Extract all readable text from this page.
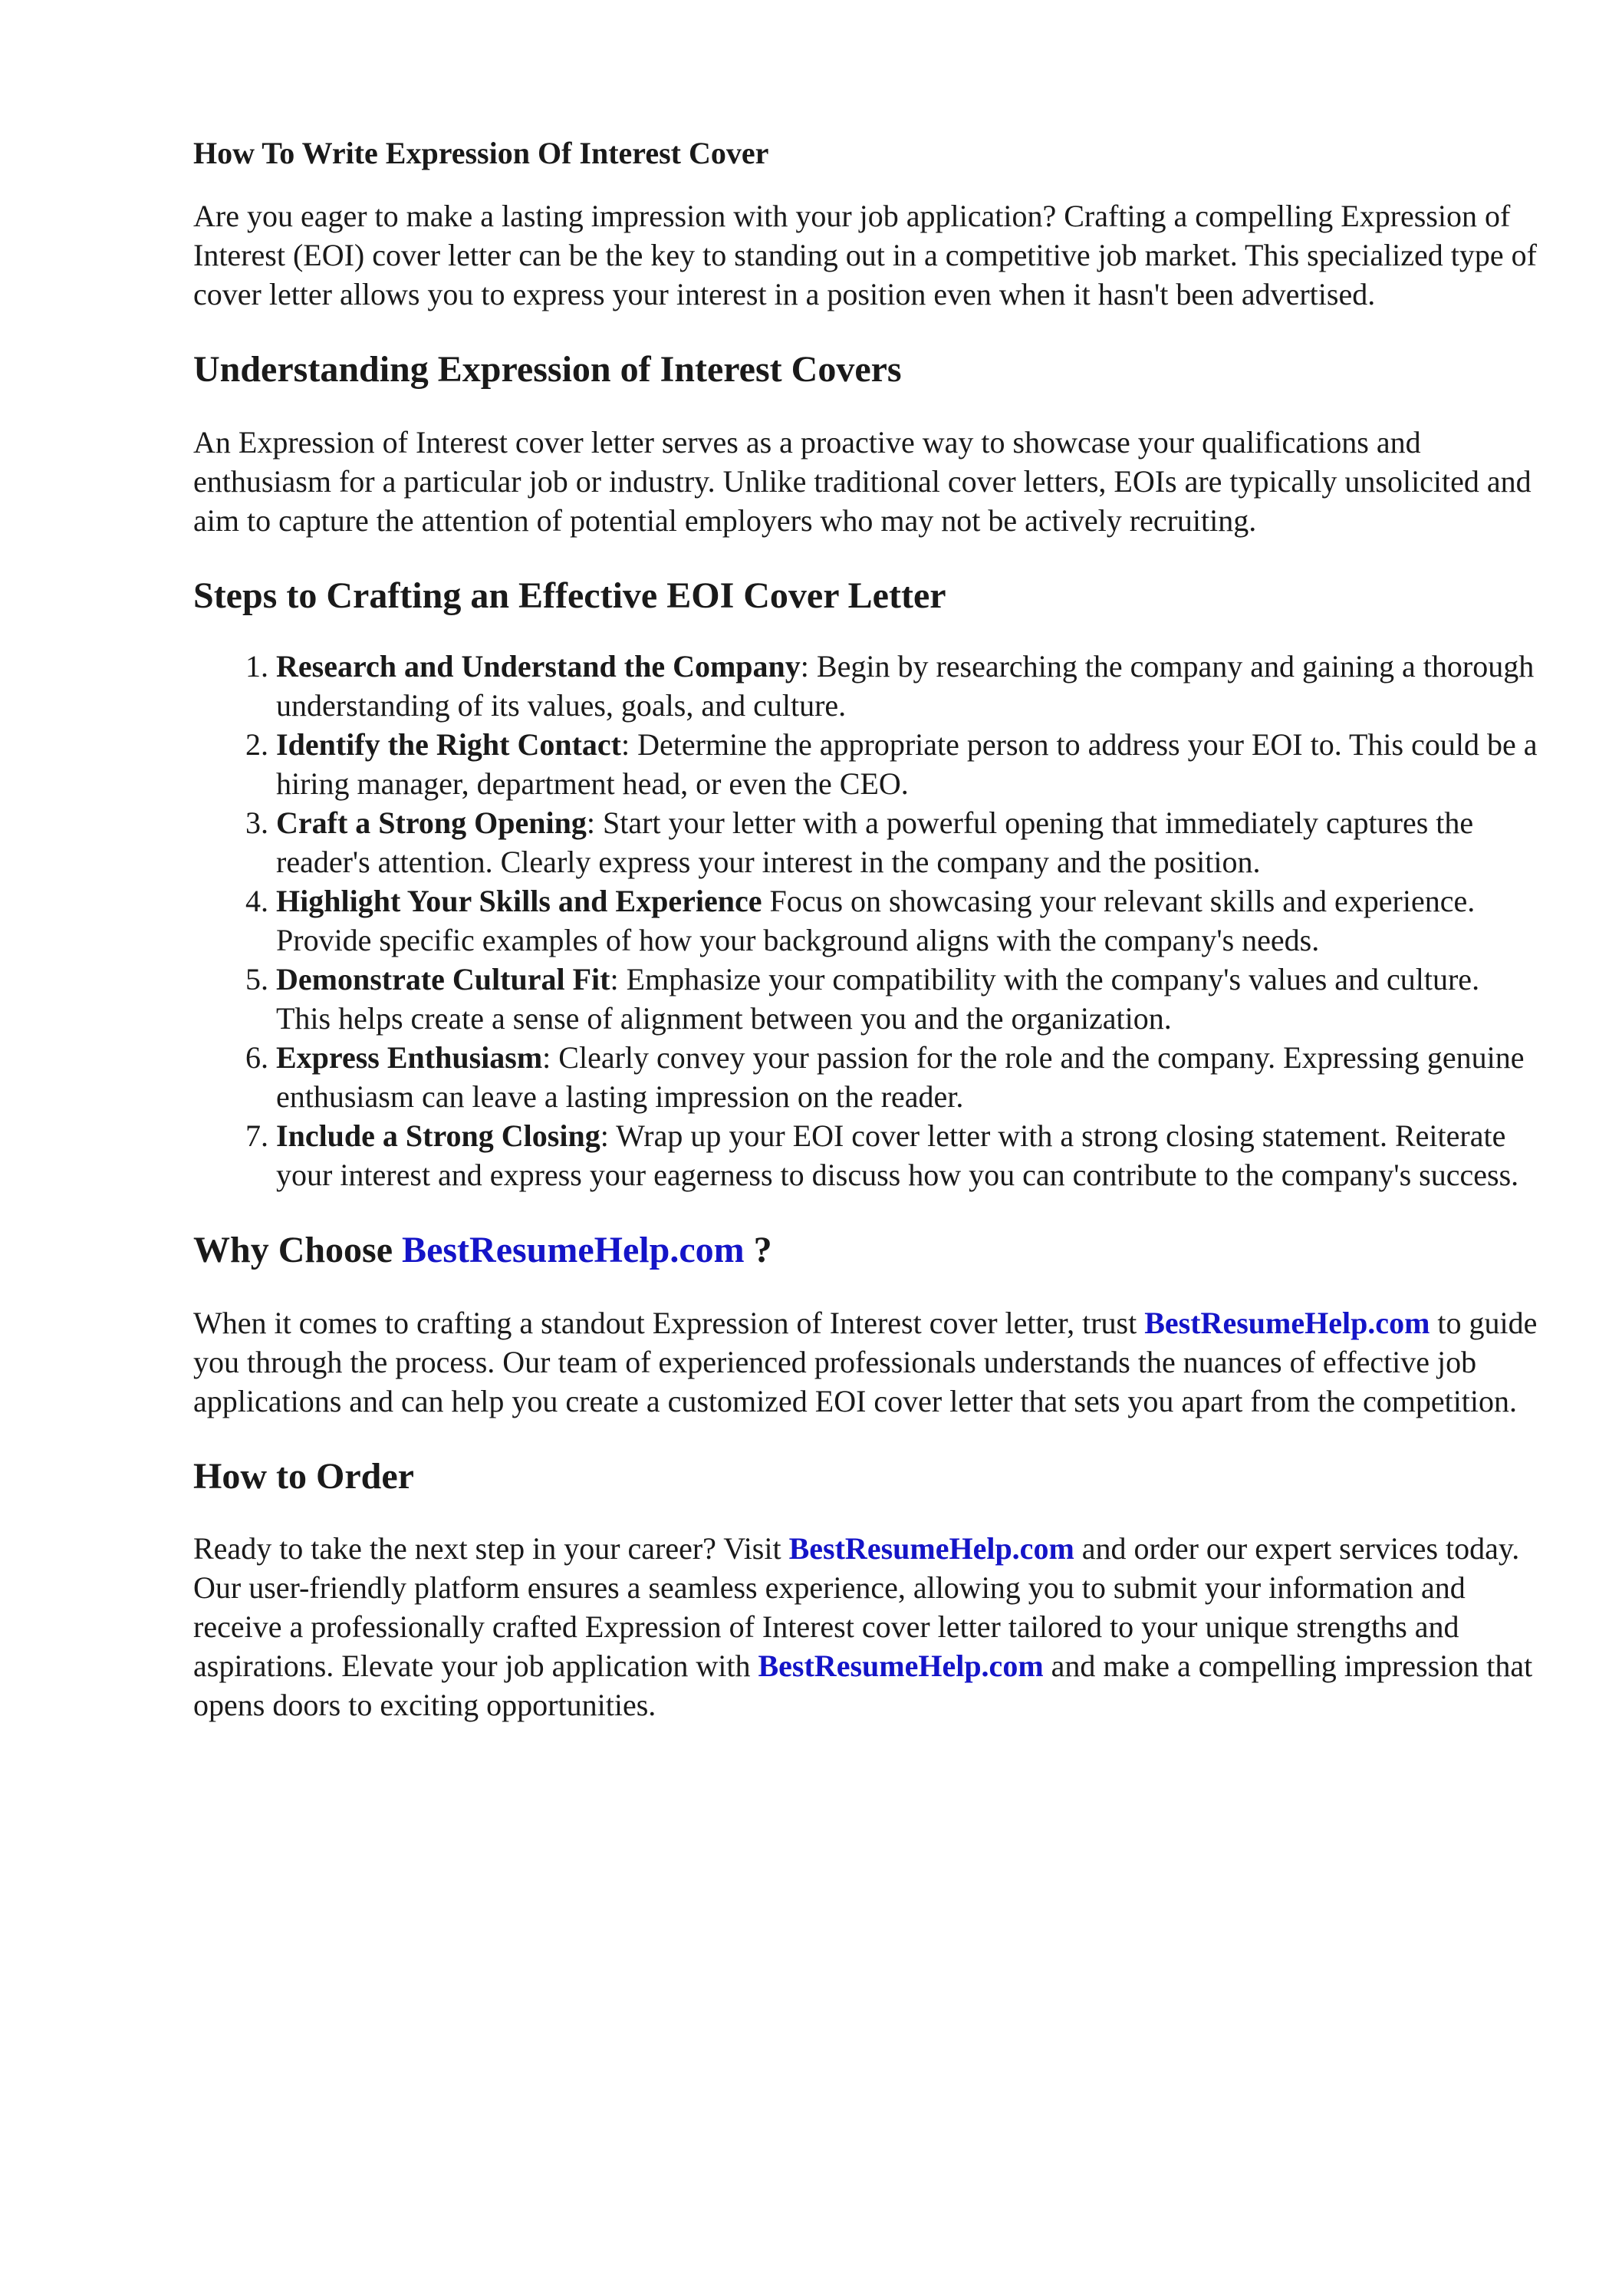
How To Write Expression Of Interest Cover

Are you eager to make a lasting impression with your job application? Crafting a compelling Expression of Interest (EOI) cover letter can be the key to standing out in a competitive job market. This specialized type of cover letter allows you to express your interest in a position even when it hasn't been advertised.

Understanding Expression of Interest Covers

An Expression of Interest cover letter serves as a proactive way to showcase your qualifications and enthusiasm for a particular job or industry. Unlike traditional cover letters, EOIs are typically unsolicited and aim to capture the attention of potential employers who may not be actively recruiting.

Steps to Crafting an Effective EOI Cover Letter
1. Research and Understand the Company: Begin by researching the company and gaining a thorough understanding of its values, goals, and culture.
2. Identify the Right Contact: Determine the appropriate person to address your EOI to. This could be a hiring manager, department head, or even the CEO.
3. Craft a Strong Opening: Start your letter with a powerful opening that immediately captures the reader's attention. Clearly express your interest in the company and the position.
4. Highlight Your Skills and Experience Focus on showcasing your relevant skills and experience. Provide specific examples of how your background aligns with the company's needs.
5. Demonstrate Cultural Fit: Emphasize your compatibility with the company's values and culture. This helps create a sense of alignment between you and the organization.
6. Express Enthusiasm: Clearly convey your passion for the role and the company. Expressing genuine enthusiasm can leave a lasting impression on the reader.
7. Include a Strong Closing: Wrap up your EOI cover letter with a strong closing statement. Reiterate your interest and express your eagerness to discuss how you can contribute to the company's success.
Why Choose BestResumeHelp.com ?

When it comes to crafting a standout Expression of Interest cover letter, trust BestResumeHelp.com to guide you through the process. Our team of experienced professionals understands the nuances of effective job applications and can help you create a customized EOI cover letter that sets you apart from the competition.

How to Order

Ready to take the next step in your career? Visit BestResumeHelp.com and order our expert services today. Our user-friendly platform ensures a seamless experience, allowing you to submit your information and receive a professionally crafted Expression of Interest cover letter tailored to your unique strengths and aspirations. Elevate your job application with BestResumeHelp.com and make a compelling impression that opens doors to exciting opportunities.
